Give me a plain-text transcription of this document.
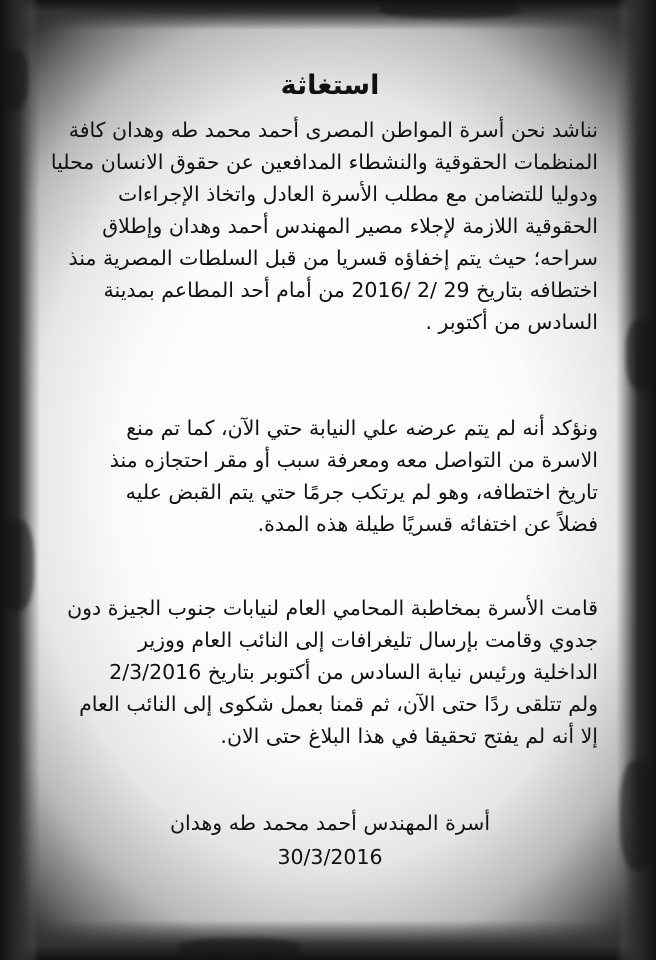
استغاثة
نناشد نحن أسرة المواطن المصرى أحمد محمد طه وهدان كافة
المنظمات الحقوقية والنشطاء المدافعين عن حقوق الانسان محليا
ودوليا للتضامن مع مطلب الأسرة العادل واتخاذ الإجراءات
الحقوقية اللازمة لإجلاء مصير المهندس أحمد وهدان وإطلاق
سراحه؛ حيث يتم إخفاؤه قسريا من قبل السلطات المصرية منذ
اختطافه بتاريخ 29 /2 /2016 من أمام أحد المطاعم بمدينة
السادس من أكتوبر .
ونؤكد أنه لم يتم عرضه علي النيابة حتي الآن، كما تم منع
الاسرة من التواصل معه ومعرفة سبب أو مقر احتجازه منذ
تاريخ اختطافه، وهو لم يرتكب جرمًا حتي يتم القبض عليه
فضلاً عن اختفائه قسريًا طيلة هذه المدة.
قامت الأسرة بمخاطبة المحامي العام لنيابات جنوب الجيزة دون
جدوي وقامت بإرسال تليغرافات إلى النائب العام ووزير
الداخلية ورئيس نيابة السادس من أكتوبر بتاريخ 2/3/2016
ولم تتلقى ردًا حتى الآن، ثم قمنا بعمل شكوى إلى النائب العام
إلا أنه لم يفتح تحقيقا في هذا البلاغ حتى الان.
أسرة المهندس أحمد محمد طه وهدان
30/3/2016
